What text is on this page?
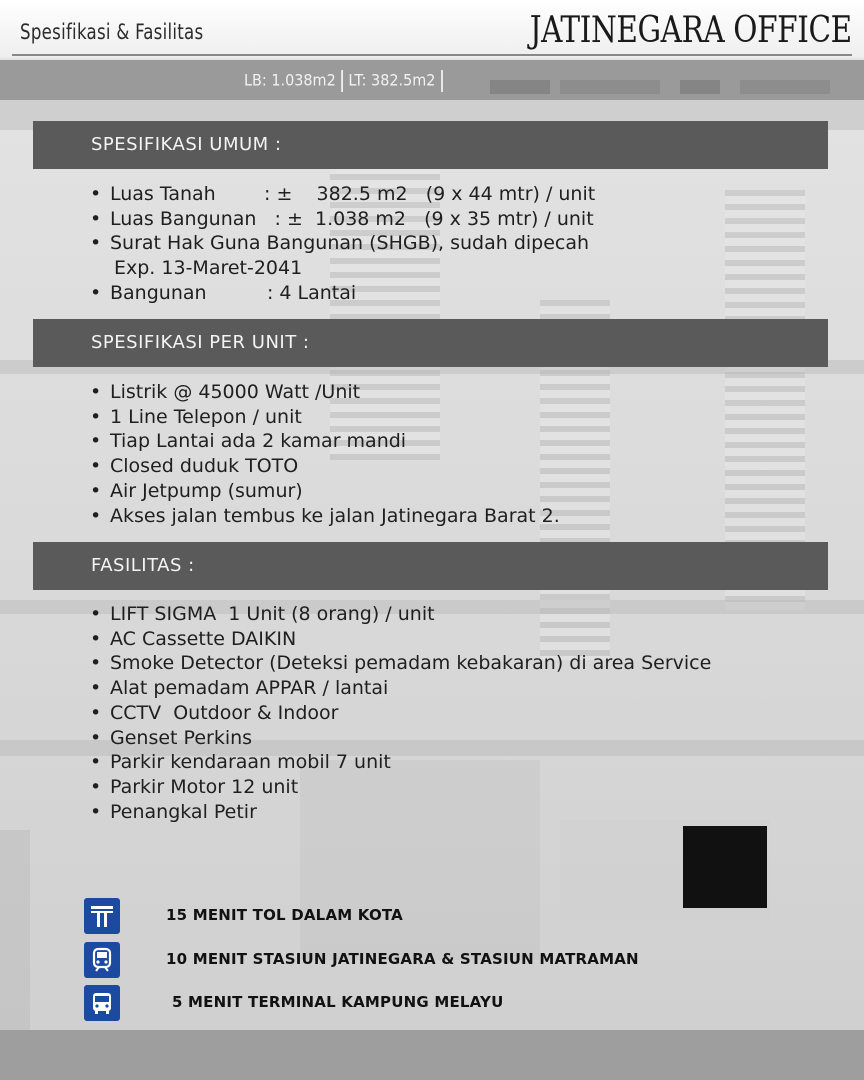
Spesifikasi & Fasilitas	JATINEGARA OFFICE
LB: 1.038m2 LT: 382.5m2
SPESIFIKASI UMUM :
• Luas Tanah        : ±    382.5 m2   (9 x 44 mtr) / unit
• Luas Bangunan   : ±  1.038 m2   (9 x 35 mtr) / unit
• Surat Hak Guna Bangunan (SHGB), sudah dipecah
Exp. 13-Maret-2041
• Bangunan          : 4 Lantai
SPESIFIKASI PER UNIT :
• Listrik @ 45000 Watt /Unit
• 1 Line Telepon / unit
• Tiap Lantai ada 2 kamar mandi
• Closed duduk TOTO
• Air Jetpump (sumur)
• Akses jalan tembus ke jalan Jatinegara Barat 2.
FASILITAS :
• LIFT SIGMA  1 Unit (8 orang) / unit
• AC Cassette DAIKIN
• Smoke Detector (Deteksi pemadam kebakaran) di area Service
• Alat pemadam APPAR / lantai
• CCTV  Outdoor & Indoor
• Genset Perkins
• Parkir kendaraan mobil 7 unit
• Parkir Motor 12 unit
• Penangkal Petir
15 MENIT TOL DALAM KOTA
10 MENIT STASIUN JATINEGARA & STASIUN MATRAMAN
5 MENIT TERMINAL KAMPUNG MELAYU
